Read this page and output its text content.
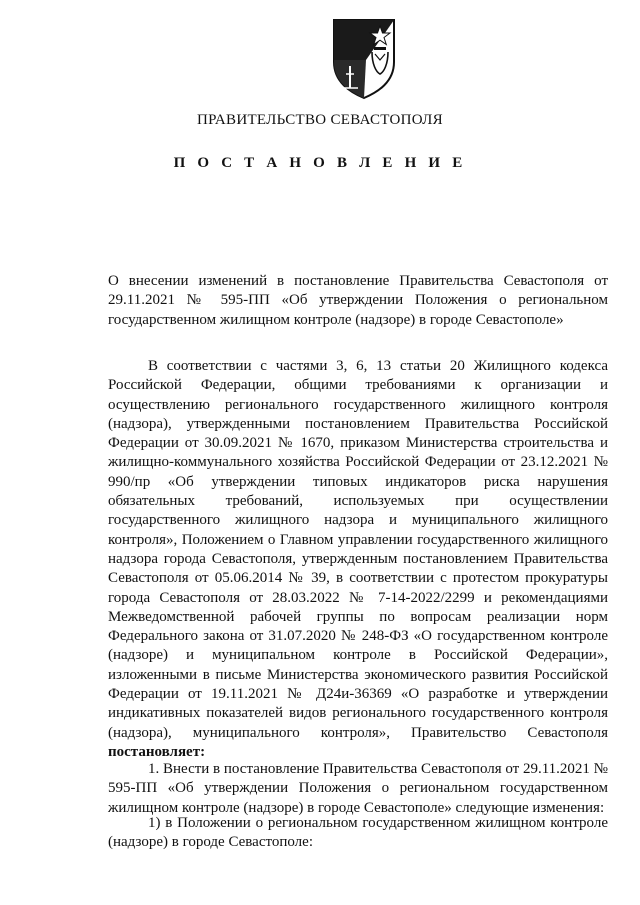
ПРАВИТЕЛЬСТВО СЕВАСТОПОЛЯ
П О С Т А Н О В Л Е Н И Е

О внесении изменений в постановление Правительства Севастополя от 29.11.2021 № 595-ПП «Об утверждении Положения о региональном государственном жилищном контроле (надзоре) в городе Севастополе»

В соответствии с частями 3, 6, 13 статьи 20 Жилищного кодекса Российской Федерации, общими требованиями к организации и осуществлению регионального государственного жилищного контроля (надзора), утвержденными постановлением Правительства Российской Федерации от 30.09.2021 № 1670, приказом Министерства строительства и жилищно-коммунального хозяйства Российской Федерации от 23.12.2021 № 990/пр «Об утверждении типовых индикаторов риска нарушения обязательных требований, используемых при осуществлении государственного жилищного надзора и муниципального жилищного контроля», Положением о Главном управлении государственного жилищного надзора города Севастополя, утвержденным постановлением Правительства Севастополя от 05.06.2014 № 39, в соответствии с протестом прокуратуры города Севастополя от 28.03.2022 № 7-14-2022/2299 и рекомендациями Межведомственной рабочей группы по вопросам реализации норм Федерального закона от 31.07.2020 № 248-ФЗ «О государственном контроле (надзоре) и муниципальном контроле в Российской Федерации», изложенными в письме Министерства экономического развития Российской Федерации от 19.11.2021 № Д24и-36369 «О разработке и утверждении индикативных показателей видов регионального государственного контроля (надзора), муниципального контроля», Правительство Севастополя постановляет:

1. Внести в постановление Правительства Севастополя от 29.11.2021 № 595-ПП «Об утверждении Положения о региональном государственном жилищном контроле (надзоре) в городе Севастополе» следующие изменения:

1) в Положении о региональном государственном жилищном контроле (надзоре) в городе Севастополе:
